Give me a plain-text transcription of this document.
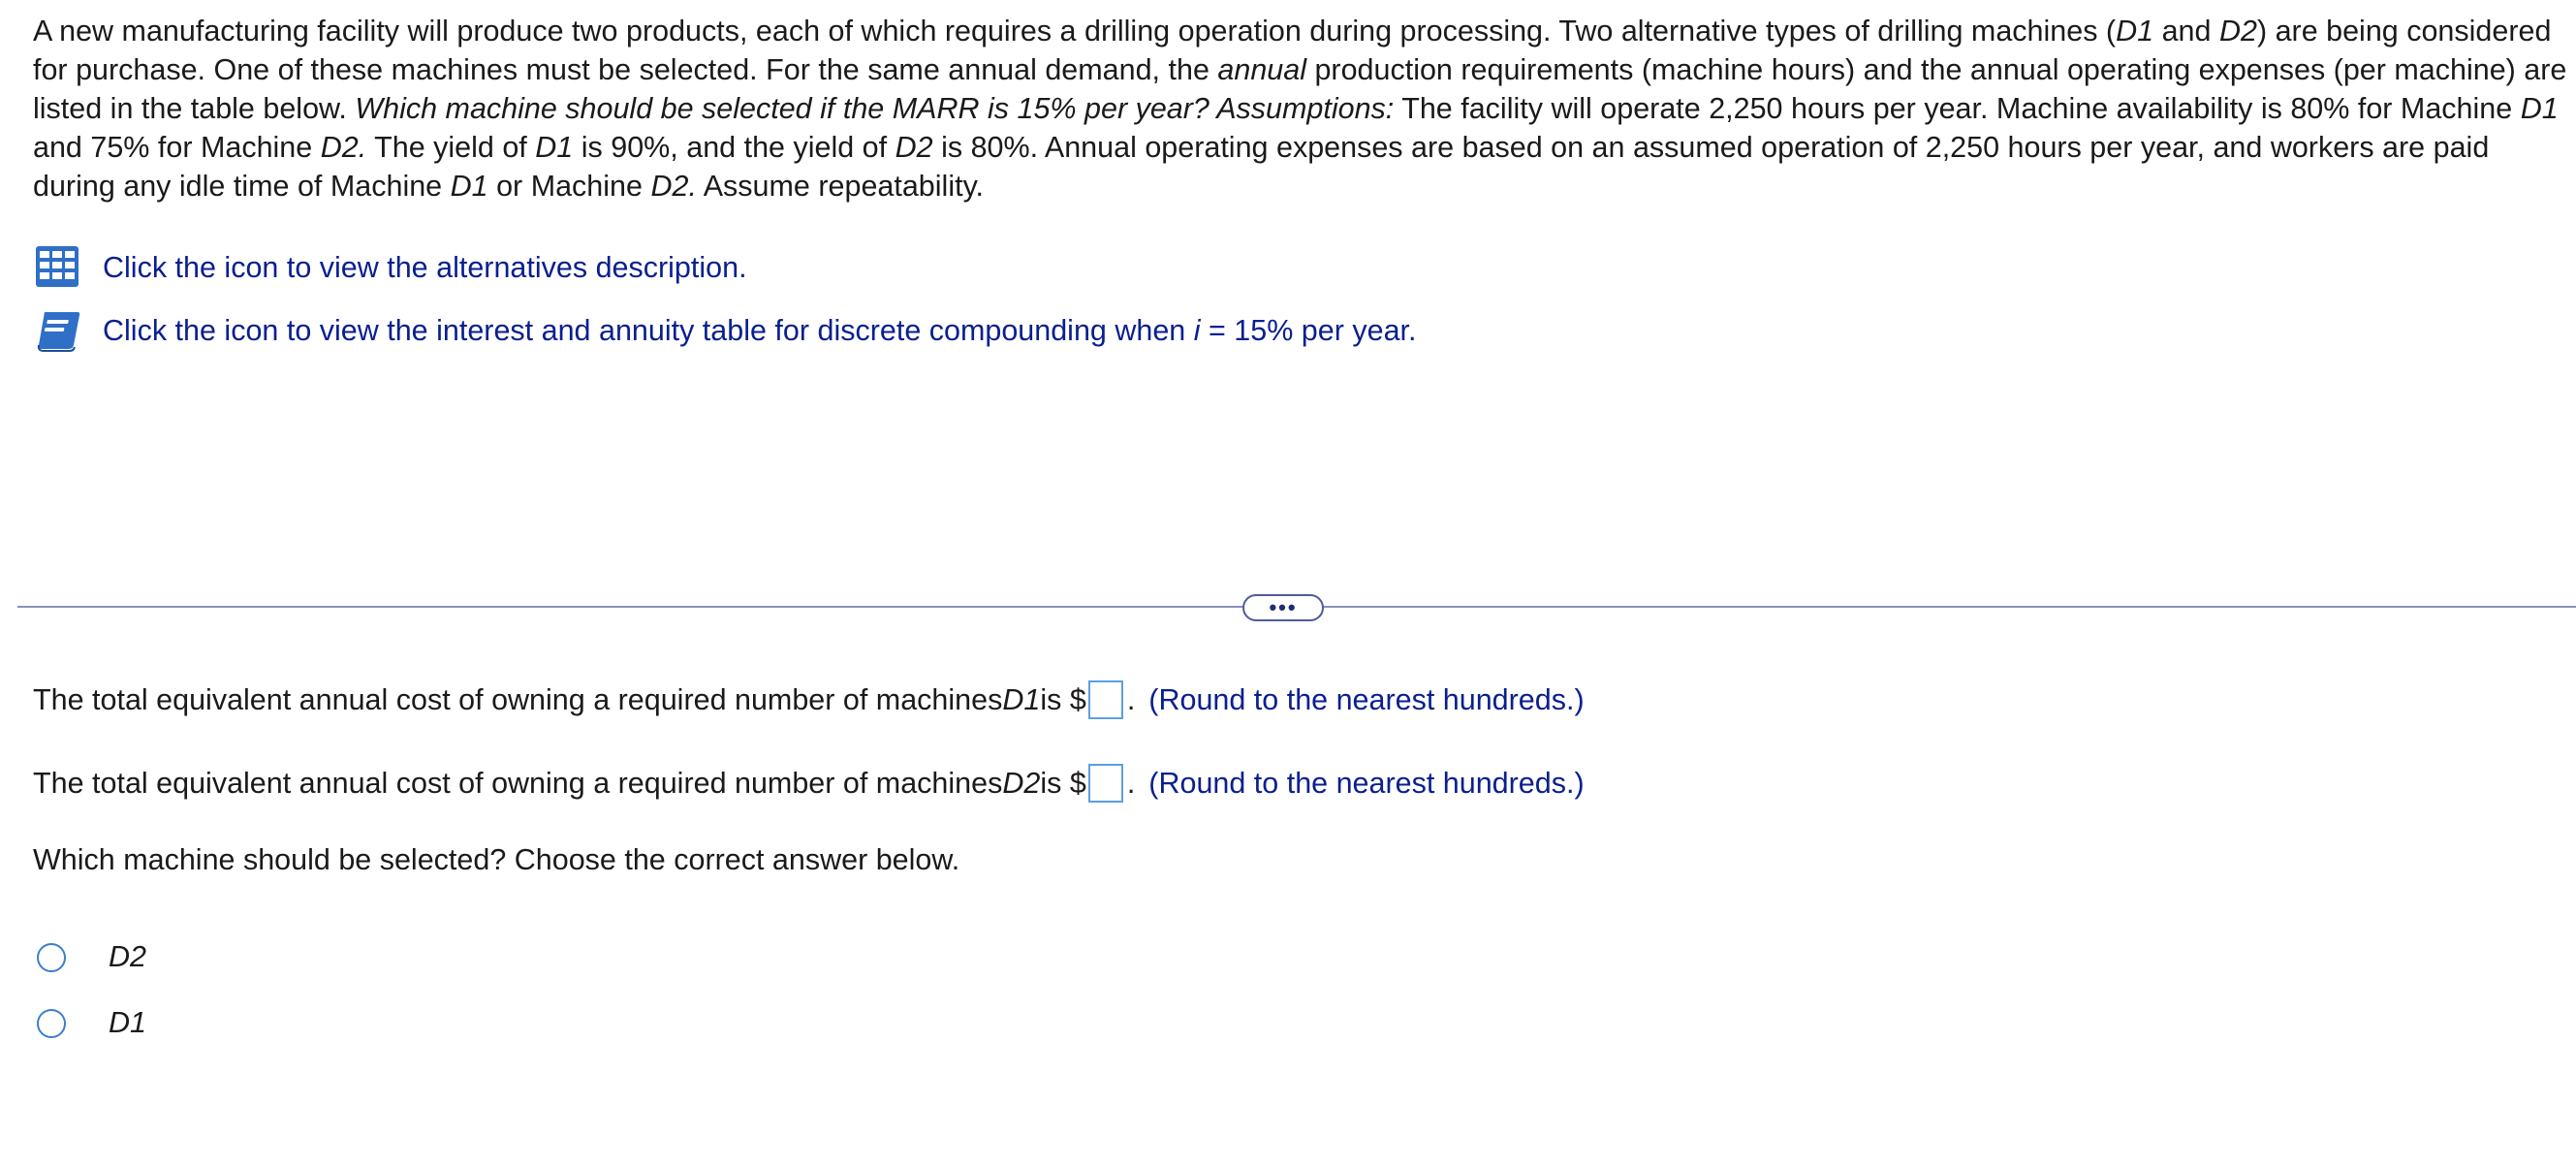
A new manufacturing facility will produce two products, each of which requires a drilling operation during processing. Two alternative types of drilling machines (D1 and D2) are being considered for purchase. One of these machines must be selected. For the same annual demand, the annual production requirements (machine hours) and the annual operating expenses (per machine) are listed in the table below. Which machine should be selected if the MARR is 15% per year? Assumptions: The facility will operate 2,250 hours per year. Machine availability is 80% for Machine D1 and 75% for Machine D2. The yield of D1 is 90%, and the yield of D2 is 80%. Annual operating expenses are based on an assumed operation of 2,250 hours per year, and workers are paid during any idle time of Machine D1 or Machine D2. Assume repeatability.

Click the icon to view the alternatives description.
Click the icon to view the interest and annuity table for discrete compounding when i = 15% per year.
•••
The total equivalent annual cost of owning a required number of machines D1 is $ . (Round to the nearest hundreds.)
The total equivalent annual cost of owning a required number of machines D2 is $ . (Round to the nearest hundreds.)
Which machine should be selected? Choose the correct answer below.
D2
D1
